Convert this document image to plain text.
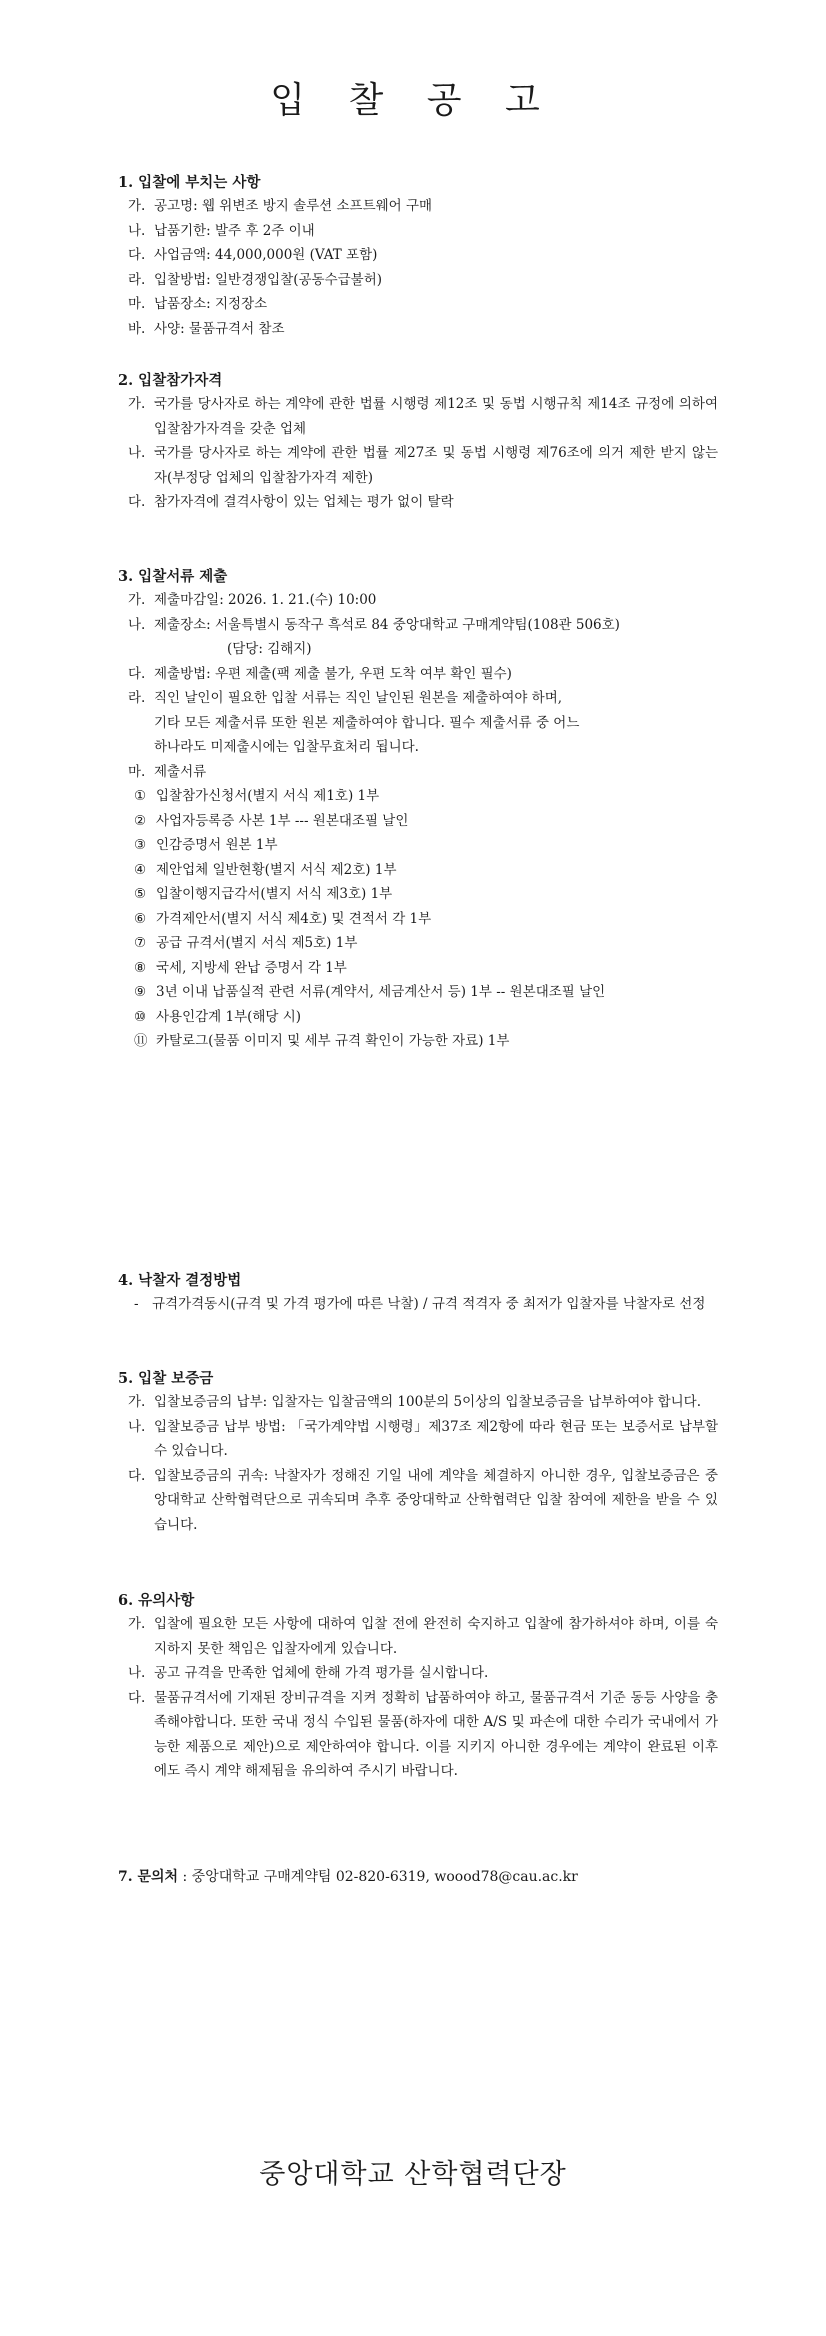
입 찰 공 고
1. 입찰에 부치는 사항
가. 공고명: 웹 위변조 방지 솔루션 소프트웨어 구매
나. 납품기한: 발주 후 2주 이내
다. 사업금액: 44,000,000원 (VAT 포함)
라. 입찰방법: 일반경쟁입찰(공동수급불허)
마. 납품장소: 지정장소
바. 사양: 물품규격서 참조
2. 입찰참가자격
가. 국가를 당사자로 하는 계약에 관한 법률 시행령 제12조 및 동법 시행규칙 제14조 규정에 의하여 입찰참가자격을 갖춘 업체
나. 국가를 당사자로 하는 계약에 관한 법률 제27조 및 동법 시행령 제76조에 의거 제한 받지 않는 자(부정당 업체의 입찰참가자격 제한)
다. 참가자격에 결격사항이 있는 업체는 평가 없이 탈락
3. 입찰서류 제출
가. 제출마감일: 2026. 1. 21.(수) 10:00
나. 제출장소: 서울특별시 동작구 흑석로 84 중앙대학교 구매계약팀(108관 506호)
(담당: 김해지)
다. 제출방법: 우편 제출(팩 제출 불가, 우편 도착 여부 확인 필수)
라. 직인 날인이 필요한 입찰 서류는 직인 날인된 원본을 제출하여야 하며,
기타 모든 제출서류 또한 원본 제출하여야 합니다. 필수 제출서류 중 어느
하나라도 미제출시에는 입찰무효처리 됩니다.
마. 제출서류
① 입찰참가신청서(별지 서식 제1호) 1부
② 사업자등록증 사본 1부 --- 원본대조필 날인
③ 인감증명서 원본 1부
④ 제안업체 일반현황(별지 서식 제2호) 1부
⑤ 입찰이행지급각서(별지 서식 제3호) 1부
⑥ 가격제안서(별지 서식 제4호) 및 견적서 각 1부
⑦ 공급 규격서(별지 서식 제5호) 1부
⑧ 국세, 지방세 완납 증명서 각 1부
⑨ 3년 이내 납품실적 관련 서류(계약서, 세금계산서 등) 1부 -- 원본대조필 날인
⑩ 사용인감계 1부(해당 시)
⑪ 카탈로그(물품 이미지 및 세부 규격 확인이 가능한 자료) 1부
4. 낙찰자 결정방법
- 규격가격동시(규격 및 가격 평가에 따른 낙찰) / 규격 적격자 중 최저가 입찰자를 낙찰자로 선정
5. 입찰 보증금
가. 입찰보증금의 납부: 입찰자는 입찰금액의 100분의 5이상의 입찰보증금을 납부하여야 합니다.
나. 입찰보증금 납부 방법: 「국가계약법 시행령」제37조 제2항에 따라 현금 또는 보증서로 납부할 수 있습니다.
다. 입찰보증금의 귀속: 낙찰자가 정해진 기일 내에 계약을 체결하지 아니한 경우, 입찰보증금은 중앙대학교 산학협력단으로 귀속되며 추후 중앙대학교 산학협력단 입찰 참여에 제한을 받을 수 있습니다.
6. 유의사항
가. 입찰에 필요한 모든 사항에 대하여 입찰 전에 완전히 숙지하고 입찰에 참가하셔야 하며, 이를 숙지하지 못한 책임은 입찰자에게 있습니다.
나. 공고 규격을 만족한 업체에 한해 가격 평가를 실시합니다.
다. 물품규격서에 기재된 장비규격을 지켜 정확히 납품하여야 하고, 물품규격서 기준 동등 사양을 충족해야합니다. 또한 국내 정식 수입된 물품(하자에 대한 A/S 및 파손에 대한 수리가 국내에서 가능한 제품으로 제안)으로 제안하여야 합니다. 이를 지키지 아니한 경우에는 계약이 완료된 이후에도 즉시 계약 해제됨을 유의하여 주시기 바랍니다.
7. 문의처 : 중앙대학교 구매계약팀 02-820-6319, woood78@cau.ac.kr
중앙대학교 산학협력단장
